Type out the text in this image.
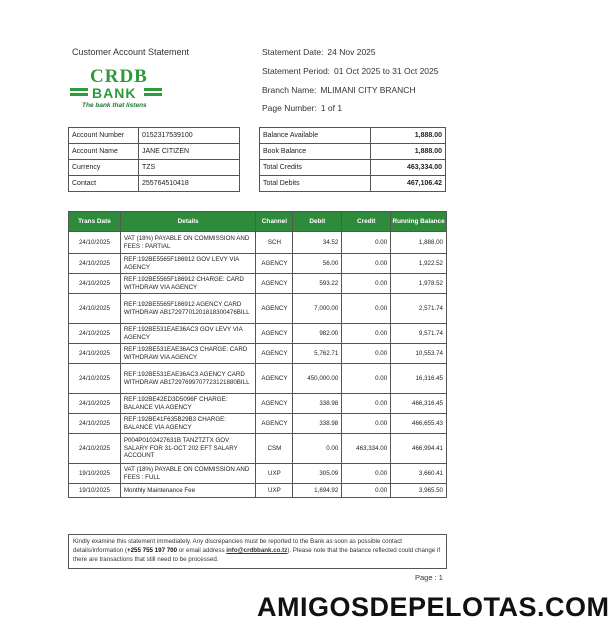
Customer Account Statement
CRDB
BANK
The bank that listens
Statement Date: 24 Nov 2025
Statement Period: 01 Oct 2025 to 31 Oct 2025
Branch Name: MLIMANI CITY BRANCH
Page Number: 1 of 1
Account Number	0152317539100
Account Name	JANE CITIZEN
Currency	TZS
Contact	255764510418
Balance Available	1,888.00
Book Balance	1,888.00
Total Credits	463,334.00
Total Debits	467,106.42
Trans Date	Details	Channel	Debit	Credit	Running Balance
24/10/2025	VAT (18%) PAYABLE ON COMMISSION AND FEES : PARTIAL	SCH	34.52	0.00	1,888.00
24/10/2025	REF:192BE5565F186912 GOV LEVY VIA AGENCY	AGENCY	56.00	0.00	1,922.52
24/10/2025	REF:192BE5565F186912 CHARGE: CARD WITHDRAW VIA AGENCY	AGENCY	593.22	0.00	1,978.52
24/10/2025	REF:192BE5565F186912 AGENCY CARD WITHDRAW AB17297701201818300476BILL	AGENCY	7,000.00	0.00	2,571.74
24/10/2025	REF:192BE531EAE36AC3 GOV LEVY VIA AGENCY	AGENCY	982.00	0.00	9,571.74
24/10/2025	REF:192BE531EAE36AC3 CHARGE: CARD WITHDRAW VIA AGENCY	AGENCY	5,762.71	0.00	10,553.74
24/10/2025	REF:192BE531EAE36AC3 AGENCY CARD WITHDRAW AB17297699707723121880BILL	AGENCY	450,000.00	0.00	16,316.45
24/10/2025	REF:192BE42ED3D5096F CHARGE: BALANCE VIA AGENCY	AGENCY	338.98	0.00	466,316.45
24/10/2025	REF:192BE41F635B29B3 CHARGE: BALANCE VIA AGENCY	AGENCY	338.98	0.00	466,655.43
24/10/2025	P004P0102427631B TANZTZTX GOV SALARY FOR 31-OCT 202 EFT SALARY ACCOUNT	CSM	0.00	463,334.00	466,994.41
19/10/2025	VAT (18%) PAYABLE ON COMMISSION AND FEES : FULL	UXP	305.09	0.00	3,660.41
19/10/2025	Monthly Maintenance Fee	UXP	1,694.92	0.00	3,965.50
Kindly examine this statement immediately. Any discrepancies must be reported to the Bank as soon as possible contact details/information (+255 755 197 700 or email address info@crdbbank.co.tz). Please note that the balance reflected could change if there are transactions that still need to be processed.
Page : 1
AMIGOSDEPELOTAS.COM
